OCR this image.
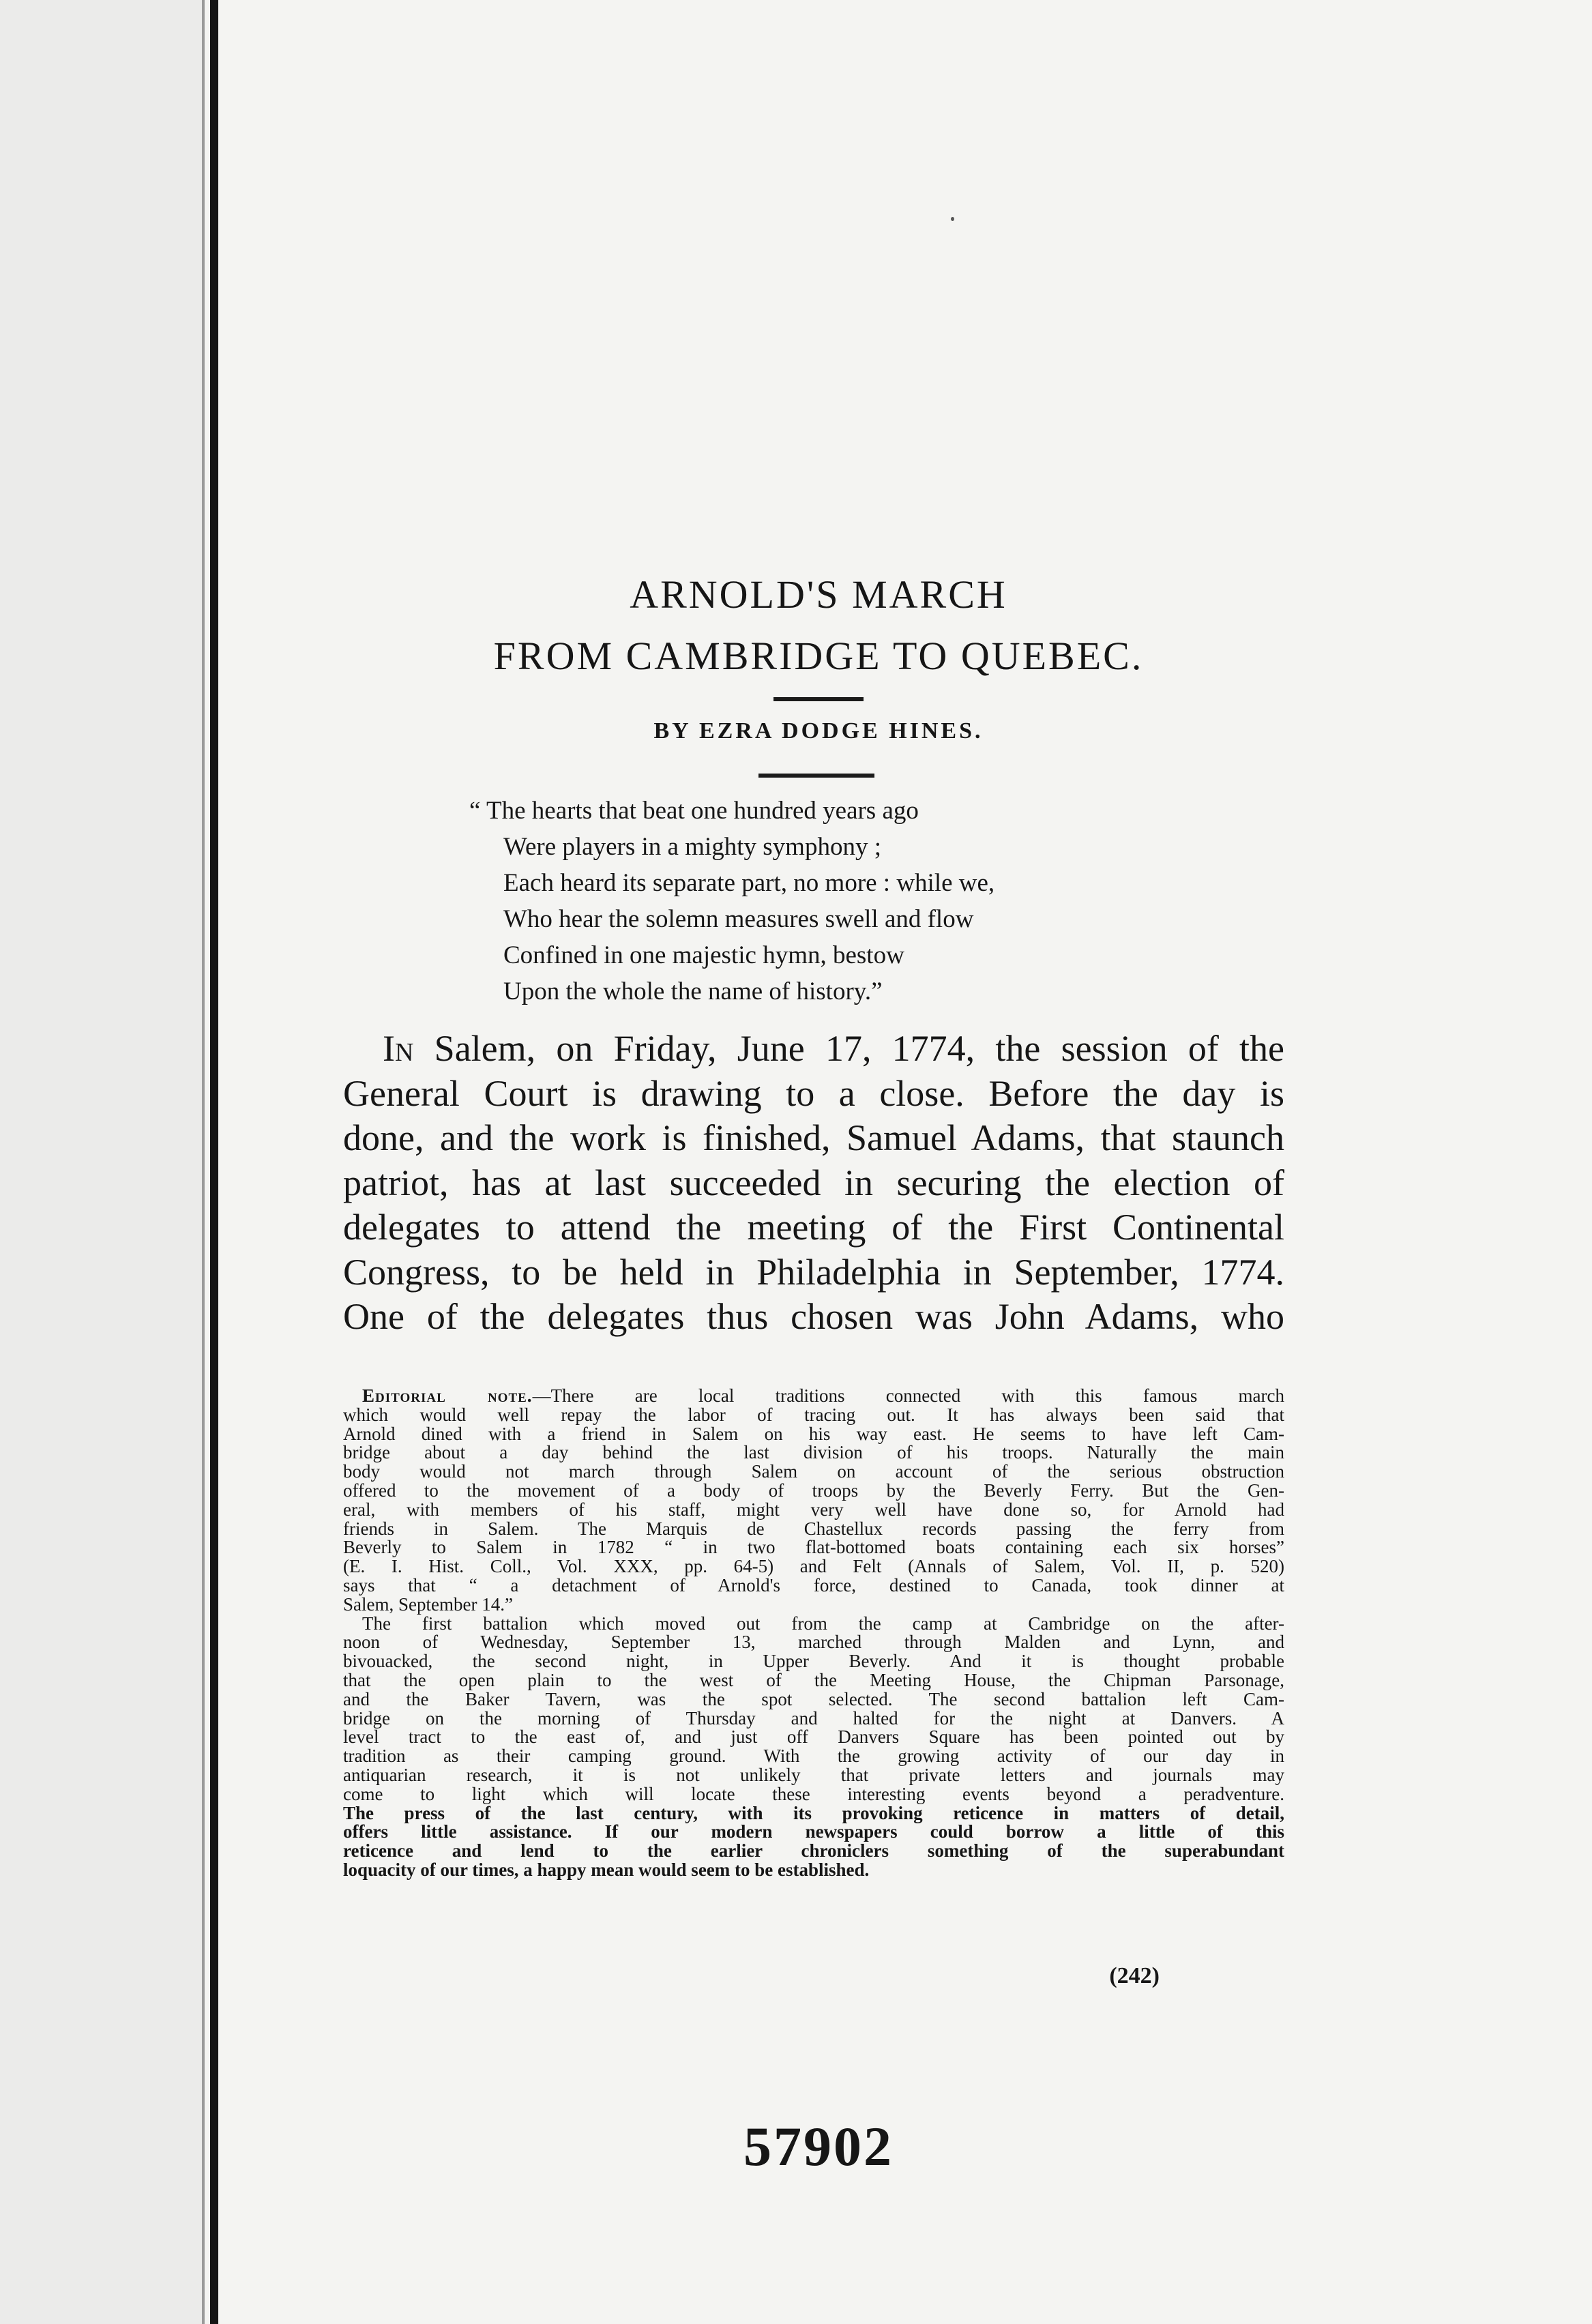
ARNOLD'S MARCH
FROM CAMBRIDGE TO QUEBEC.

BY EZRA DODGE HINES.

“ The hearts that beat one hundred years ago
Were players in a mighty symphony ;
Each heard its separate part, no more : while we,
Who hear the solemn measures swell and flow
Confined in one majestic hymn, bestow
Upon the whole the name of history.”
In Salem, on Friday, June 17, 1774, the session of the
General Court is drawing to a close. Before the day is
done, and the work is finished, Samuel Adams, that staunch
patriot, has at last succeeded in securing the election of
delegates to attend the meeting of the First Continental
Congress, to be held in Philadelphia in September, 1774.
One of the delegates thus chosen was John Adams, who
Editorial note.—There are local traditions connected with this famous march
which would well repay the labor of tracing out. It has always been said that
Arnold dined with a friend in Salem on his way east. He seems to have left Cam-
bridge about a day behind the last division of his troops. Naturally the main
body would not march through Salem on account of the serious obstruction
offered to the movement of a body of troops by the Beverly Ferry. But the Gen-
eral, with members of his staff, might very well have done so, for Arnold had
friends in Salem. The Marquis de Chastellux records passing the ferry from
Beverly to Salem in 1782 “ in two flat-bottomed boats containing each six horses”
(E. I. Hist. Coll., Vol. XXX, pp. 64-5) and Felt (Annals of Salem, Vol. II, p. 520)
says that “ a detachment of Arnold's force, destined to Canada, took dinner at
Salem, September 14.”
The first battalion which moved out from the camp at Cambridge on the after-
noon of Wednesday, September 13, marched through Malden and Lynn, and
bivouacked, the second night, in Upper Beverly. And it is thought probable
that the open plain to the west of the Meeting House, the Chipman Parsonage,
and the Baker Tavern, was the spot selected. The second battalion left Cam-
bridge on the morning of Thursday and halted for the night at Danvers. A
level tract to the east of, and just off Danvers Square has been pointed out by
tradition as their camping ground. With the growing activity of our day in
antiquarian research, it is not unlikely that private letters and journals may
come to light which will locate these interesting events beyond a peradventure.
The press of the last century, with its provoking reticence in matters of detail,
offers little assistance. If our modern newspapers could borrow a little of this
reticence and lend to the earlier chroniclers something of the superabundant
loquacity of our times, a happy mean would seem to be established.
(242)
57902
